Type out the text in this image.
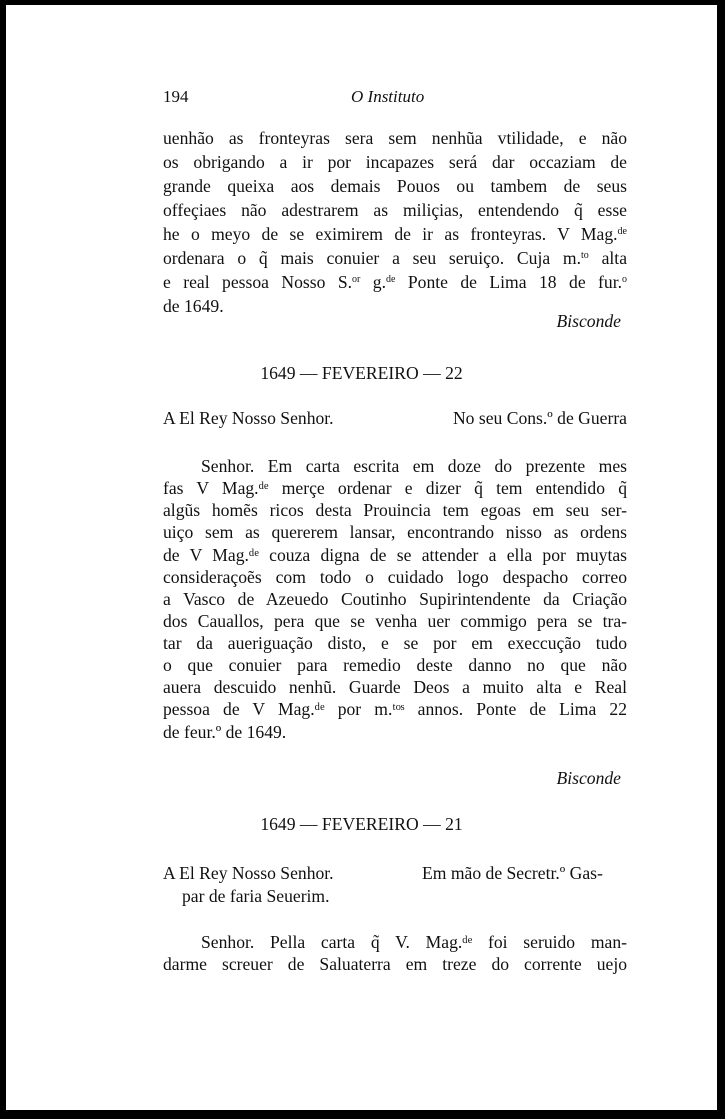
194	O Instituto
uenhão as fronteyras sera sem nenhũa vtilidade, e não
os obrigando a ir por incapazes será dar occaziam de
grande queixa aos demais Pouos ou tambem de seus
offeçiaes não adestrarem as miliçias, entendendo q̃ esse
he o meyo de se eximirem de ir as fronteyras. V Mag.$^{de}$
ordenara o q̃ mais conuier a seu seruiço. Cuja m.$^{to}$ alta
e real pessoa Nosso S.$^{or}$ g.$^{de}$ Ponte de Lima 18 de fur.$^o$
de 1649.
Bisconde
1649 — FEVEREIRO — 22
A El Rey Nosso Senhor.	No seu Cons.º de Guerra
Senhor. Em carta escrita em doze do prezente mes
fas V Mag.ᵈᵉ merçe ordenar e dizer q̃ tem entendido q̃
algũs homẽs ricos desta Prouincia tem egoas em seu ser-
uiço sem as quererem lansar, encontrando nisso as ordens
de V Mag.ᵈᵉ couza digna de se attender a ella por muytas
consideraçoẽs com todo o cuidado logo despacho correo
a Vasco de Azeuedo Coutinho Supirintendente da Criação
dos Cauallos, pera que se venha uer commigo pera se tra-
tar da aueriguação disto, e se por em execcução tudo
o que conuier para remedio deste danno no que não
auera descuido nenhũ. Guarde Deos a muito alta e Real
pessoa de V Mag.ᵈᵉ por m.ᵗᵒˢ annos. Ponte de Lima 22
de feur.º de 1649.
Bisconde
1649 — FEVEREIRO — 21
A El Rey Nosso Senhor.	Em mão de Secretr.º Gas-
par de faria Seuerim.
Senhor. Pella carta q̃ V. Mag.ᵈᵉ foi seruido man-
darme screuer de Saluaterra em treze do corrente uejo
